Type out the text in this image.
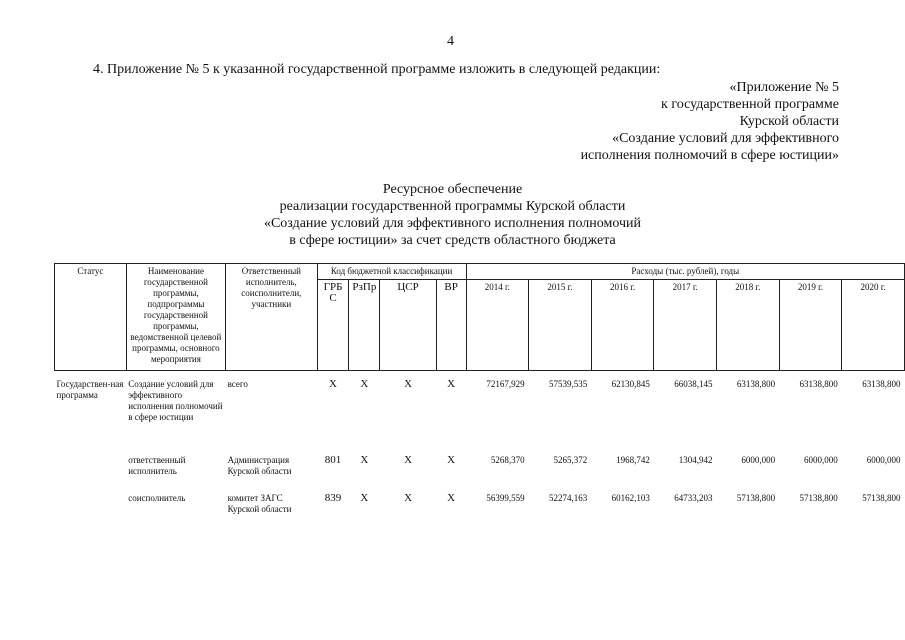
4
4. Приложение № 5 к указанной государственной программе изложить в следующей редакции:
«Приложение № 5
к государственной программе
Курской области
«Создание условий для эффективного
исполнения полномочий в сфере юстиции»
Ресурсное обеспечение
реализации государственной программы Курской области
«Создание условий для эффективного исполнения полномочий
в сфере юстиции» за счет средств областного бюджета
Статус	Наименование государственной программы, подпрограммы государственной программы, ведомственной целевой программы, основного мероприятия	Ответственный исполнитель, соисполнители, участники	Код бюджетной классификации				Расходы (тыс. рублей), годы						
			ГРБ С	РзПр	ЦСР	ВР	2014 г.	2015 г.	2016 г.	2017 г.	2018 г.	2019 г.	2020 г.
Государствен-ная программа	Создание условий для эффективного исполнения полномочий в сфере юстиции	всего	X	X	X	X	72167,929	57539,535	62130,845	66038,145	63138,800	63138,800	63138,800
	ответственный исполнитель	Администрация Курской области	801	X	X	X	5268,370	5265,372	1968,742	1304,942	6000,000	6000,000	6000,000
	соисполнитель	комитет ЗАГС Курской области	839	X	X	X	56399,559	52274,163	60162,103	64733,203	57138,800	57138,800	57138,800
